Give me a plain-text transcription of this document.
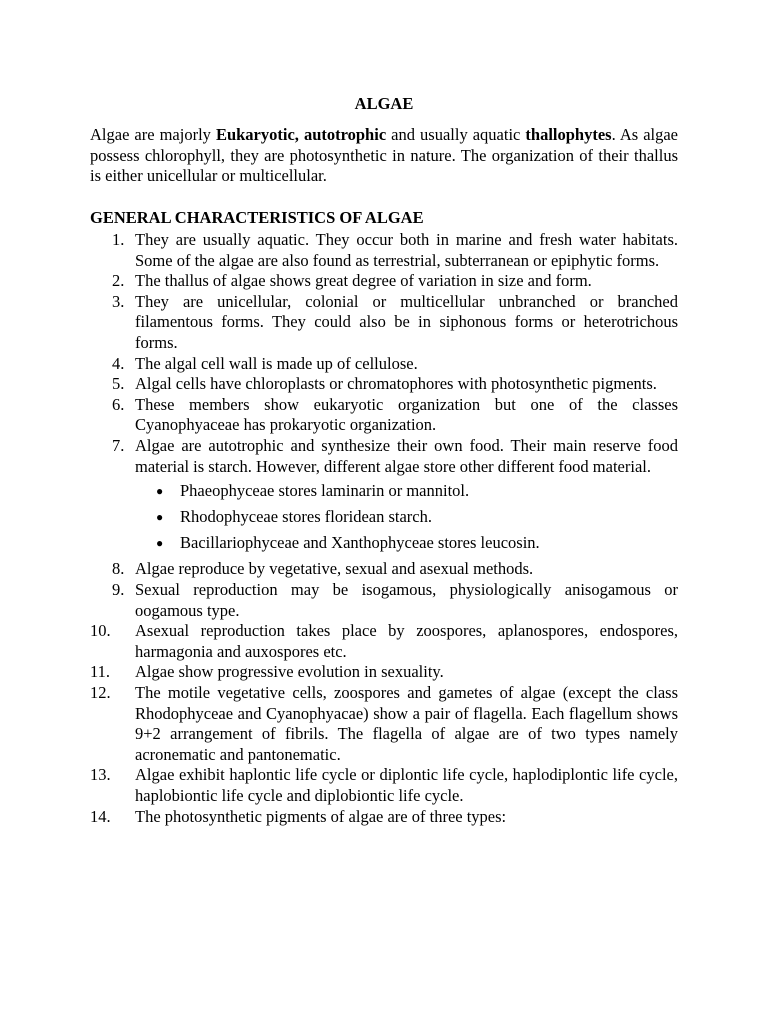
ALGAE

Algae are majorly Eukaryotic, autotrophic and usually aquatic thallophytes. As algae possess chlorophyll, they are photosynthetic in nature. The organization of their thallus is either unicellular or multicellular.

GENERAL CHARACTERISTICS OF ALGAE

1. They are usually aquatic. They occur both in marine and fresh water habitats. Some of the algae are also found as terrestrial, subterranean or epiphytic forms.
2. The thallus of algae shows great degree of variation in size and form.
3. They are unicellular, colonial or multicellular unbranched or branched filamentous forms. They could also be in siphonous forms or heterotrichous forms.
4. The algal cell wall is made up of cellulose.
5. Algal cells have chloroplasts or chromatophores with photosynthetic pigments.
6. These members show eukaryotic organization but one of the classes Cyanophyaceae has prokaryotic organization.
7. Algae are autotrophic and synthesize their own food. Their main reserve food material is starch. However, different algae store other different food material.
● Phaeophyceae stores laminarin or mannitol.
● Rhodophyceae stores floridean starch.
● Bacillariophyceae and Xanthophyceae stores leucosin.
8. Algae reproduce by vegetative, sexual and asexual methods.
9. Sexual reproduction may be isogamous, physiologically anisogamous or oogamous type.
10. Asexual reproduction takes place by zoospores, aplanospores, endospores, harmagonia and auxospores etc.
11. Algae show progressive evolution in sexuality.
12. The motile vegetative cells, zoospores and gametes of algae (except the class Rhodophyceae and Cyanophyacae) show a pair of flagella. Each flagellum shows 9+2 arrangement of fibrils. The flagella of algae are of two types namely acronematic and pantonematic.
13. Algae exhibit haplontic life cycle or diplontic life cycle, haplodiplontic life cycle, haplobiontic life cycle and diplobiontic life cycle.
14. The photosynthetic pigments of algae are of three types:
